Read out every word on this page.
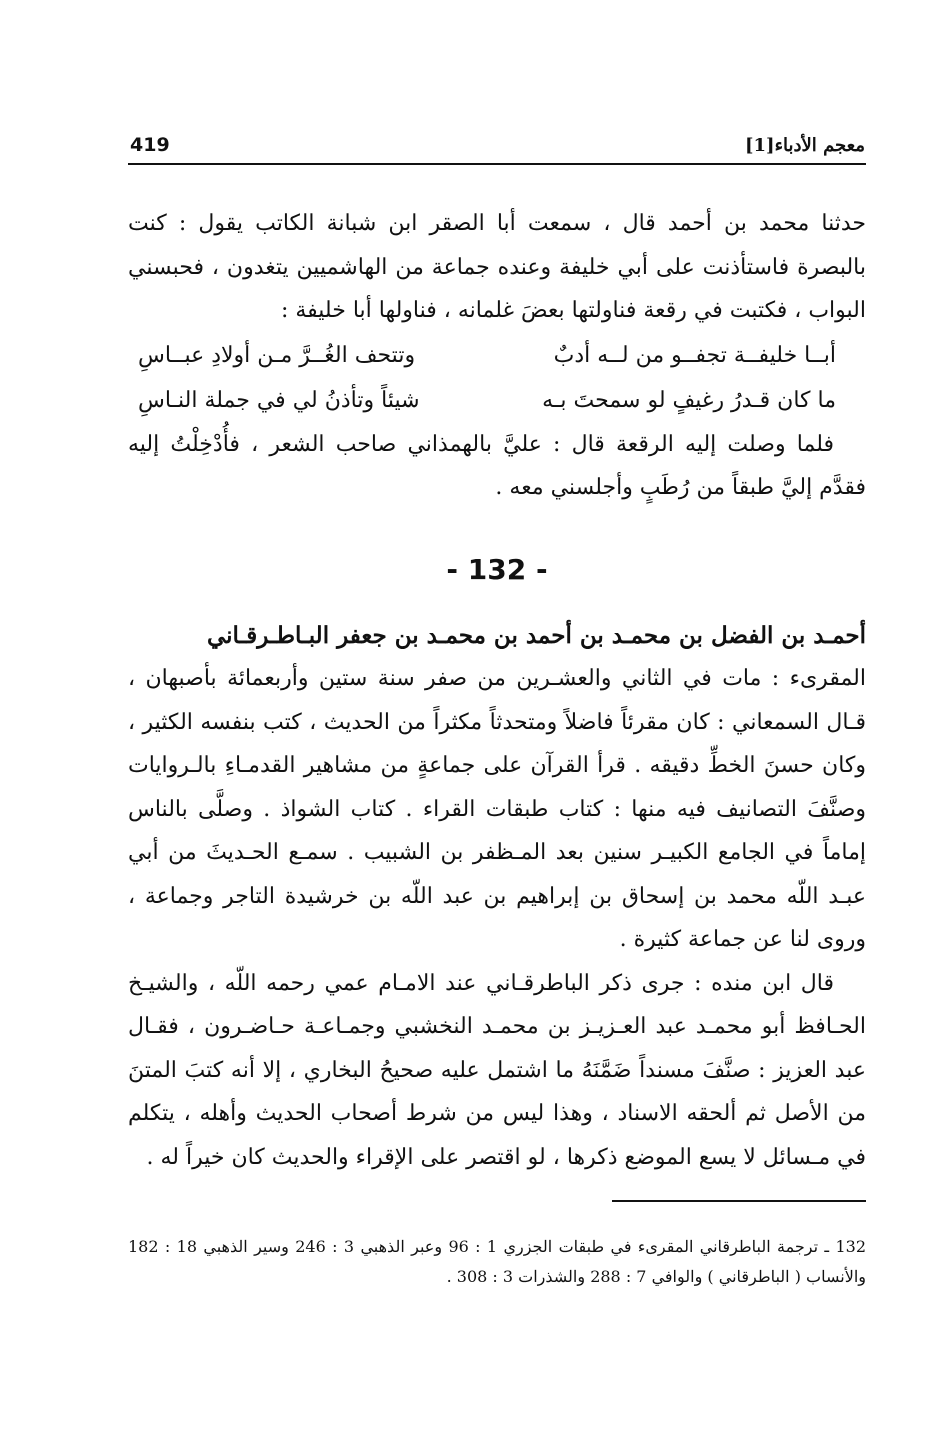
معجم الأدباء[1]
419

حدثنا محمد بن أحمد قال ، سمعت أبا الصقر ابن شبانة الكاتب يقول : كنت بالبصرة فاستأذنت على أبي خليفة وعنده جماعة من الهاشميين يتغدون ، فحبسني البواب ، فكتبت في رقعة فناولتها بعضَ غلمانه ، فناولها أبا خليفة :

أبــا خليفــة تجفــو من لــه أدبٌ
وتتحف الغُــرَّ مـن أولادِ عبــاسِ
ما كان قـدرُ رغيفٍ لو سمحتَ بـه
شيئاً وتأذنُ لي في جملة النـاسِ

فلما وصلت إليه الرقعة قال : عليَّ بالهمذاني صاحب الشعر ، فأُدْخِلْتُ إليه فقدَّم إليَّ طبقاً من رُطَبٍ وأجلسني معه .

- 132 -

أحمـد بن الفضل بن محمـد بن أحمد بن محمـد بن جعفر البـاطـرقـاني

المقرىء : مات في الثاني والعشـرين من صفر سنة ستين وأربعمائة بأصبهان ، قـال السمعاني : كان مقرئاً فاضلاً ومتحدثاً مكثراً من الحديث ، كتب بنفسه الكثير ، وكان حسنَ الخطِّ دقيقه . قرأ القرآن على جماعةٍ من مشاهير القدمـاءِ بالـروايات وصنَّفَ التصانيف فيه منها : كتاب طبقات القراء . كتاب الشواذ . وصلَّى بالناس إماماً في الجامع الكبيـر سنين بعد المـظفر بن الشبيب . سمـع الحـديثَ من أبي عبـد اللّه محمد بن إسحاق بن إبراهيم بن عبد اللّه بن خرشيدة التاجر وجماعة ، وروى لنا عن جماعة كثيرة .

قال ابن منده : جرى ذكر الباطرقـاني عند الامـام عمي رحمه اللّه ، والشيـخ الحـافظ أبو محمـد عبد العـزيـز بن محمـد النخشبي وجمـاعـة حـاضـرون ، فقـال عبد العزيز : صنَّفَ مسنداً ضَمَّنَهُ ما اشتمل عليه صحيحُ البخاري ، إلا أنه كتبَ المتنَ من الأصل ثم ألحقه الاسناد ، وهذا ليس من شرط أصحاب الحديث وأهله ، يتكلم في مـسائل لا يسع الموضع ذكرها ، لو اقتصر على الإقراء والحديث كان خيراً له .

132 ـ ترجمة الباطرقاني المقرىء في طبقات الجزري 1 : 96 وعبر الذهبي 3 : 246 وسير الذهبي 18 : 182 والأنساب ( الباطرقاني ) والوافي 7 : 288 والشذرات 3 : 308 .
